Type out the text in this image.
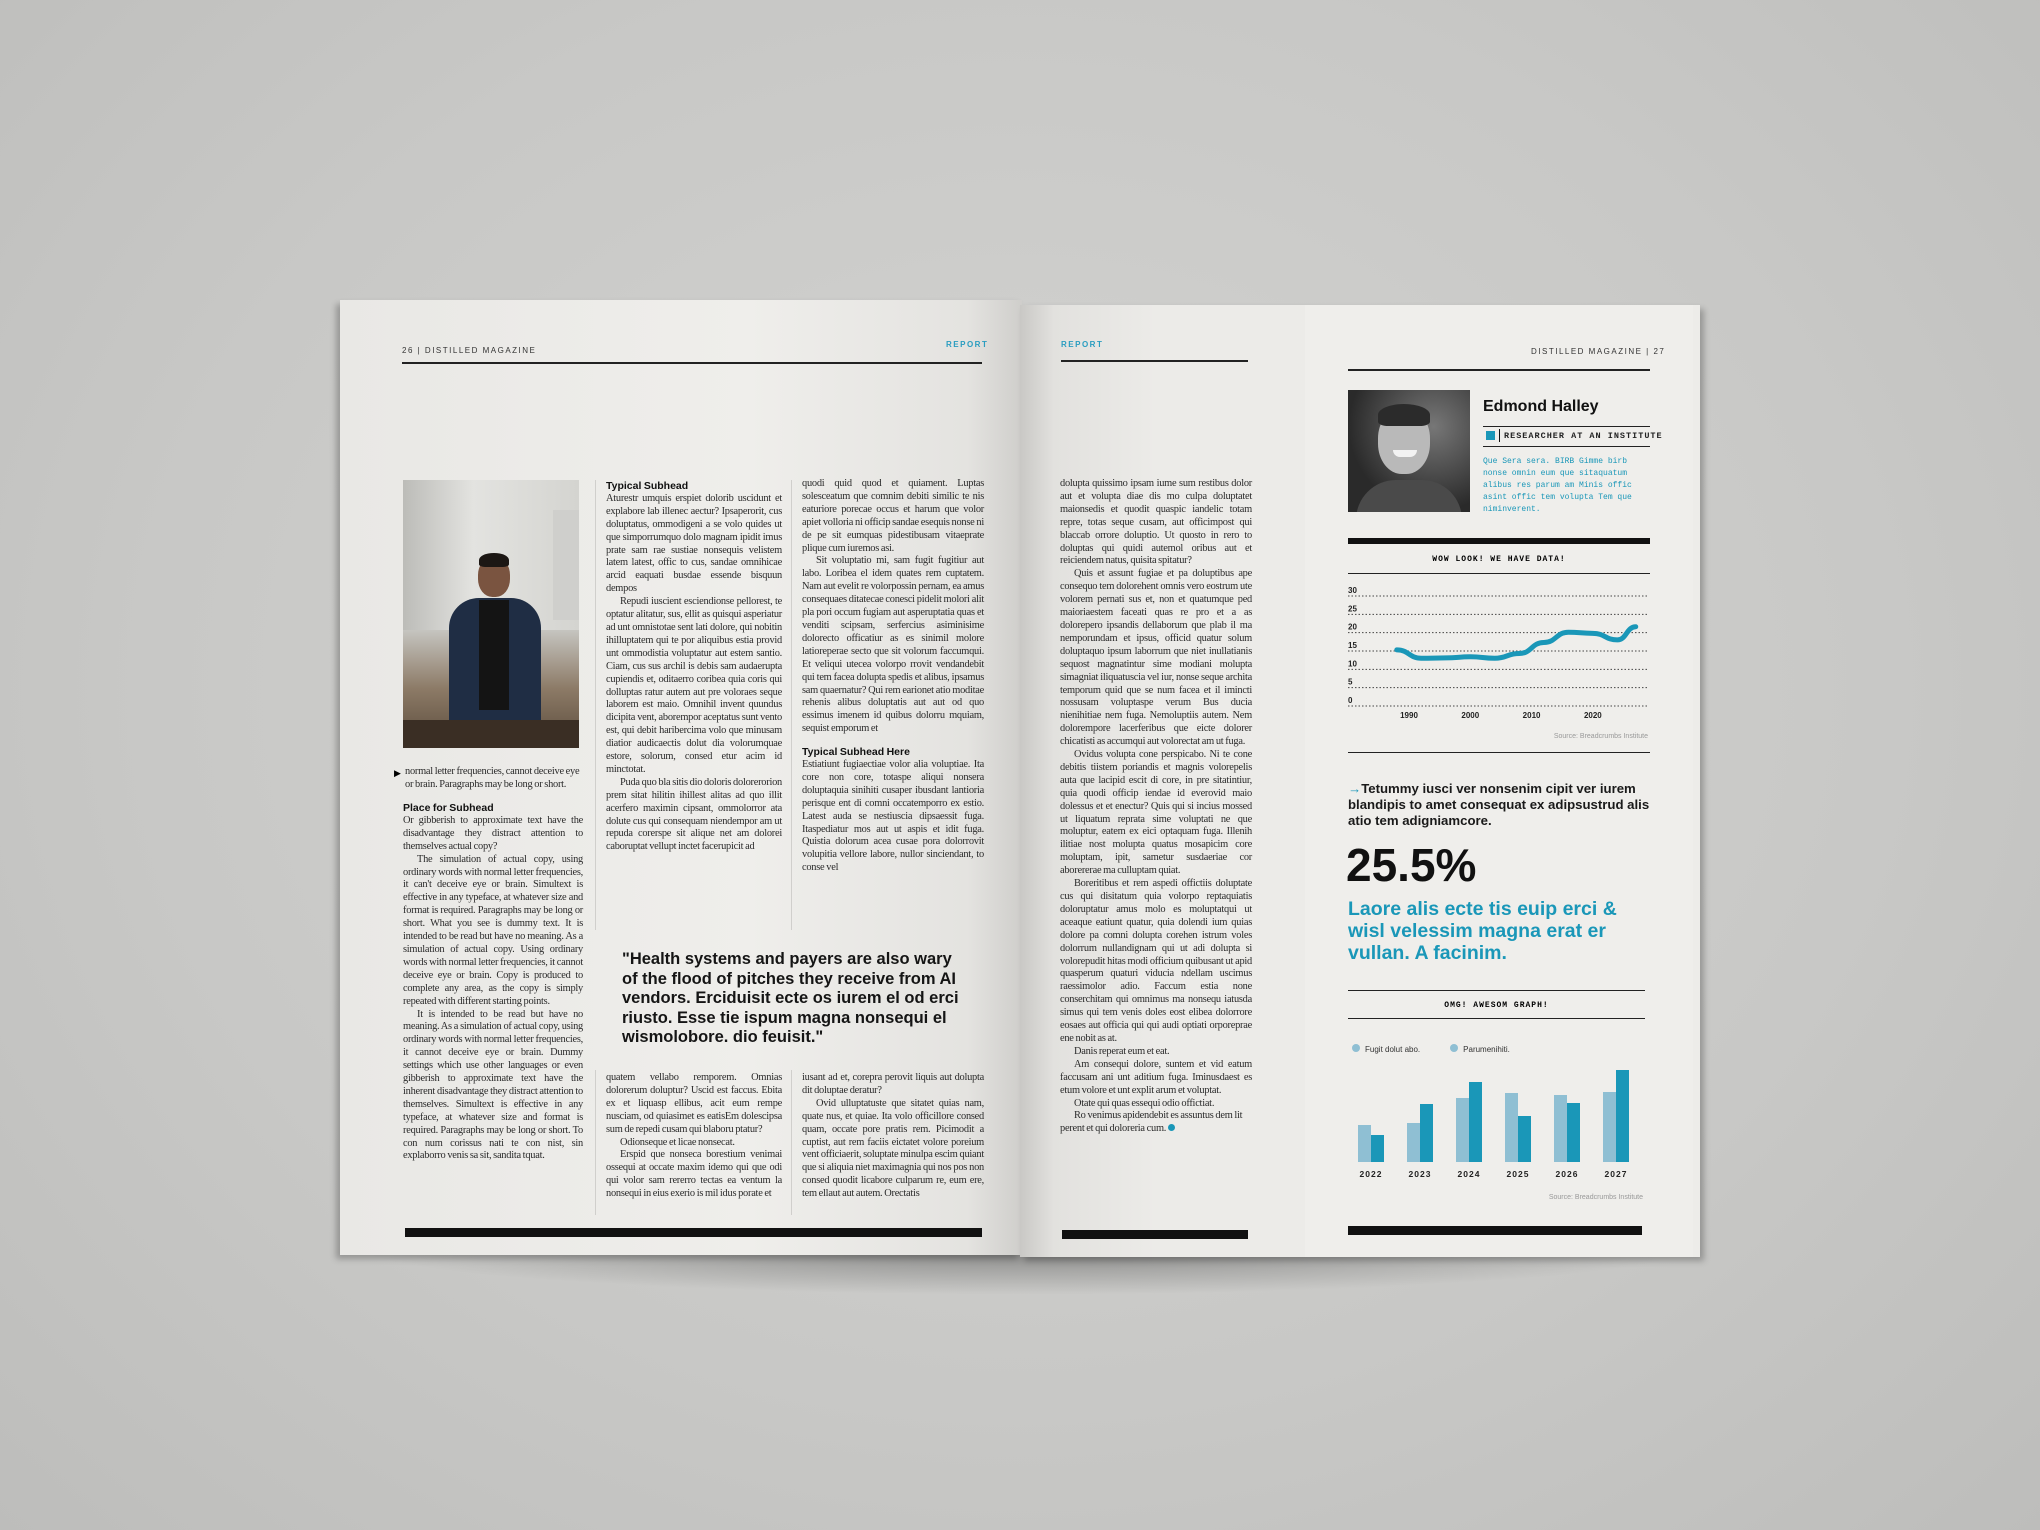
26 | DISTILLED MAGAZINE
REPORT
▶ normal letter frequencies, cannot deceive eye or brain. Paragraphs may be long or short.
Place for Subhead

Or gibberish to approximate text have the disadvantage they distract attention to themselves actual copy?

The simulation of actual copy, using ordinary words with normal letter frequencies, it can't deceive eye or brain. Simultext is effective in any typeface, at whatever size and format is required. Paragraphs may be long or short. What you see is dummy text. It is intended to be read but have no meaning. As a simulation of actual copy. Using ordinary words with normal letter frequencies, it cannot deceive eye or brain. Copy is produced to complete any area, as the copy is simply repeated with different starting points.

It is intended to be read but have no meaning. As a simulation of actual copy, using ordinary words with normal letter frequencies, it cannot deceive eye or brain. Dummy settings which use other languages or even gibberish to approximate text have the inherent disadvantage they distract attention to themselves. Simultext is effective in any typeface, at whatever size and format is required. Paragraphs may be long or short. To con num corissus nati te con nist, sin explaborro venis sa sit, sandita tquat.

Typical Subhead

Aturestr umquis erspiet dolorib uscidunt et explabore lab illenec aectur? Ipsaperorit, cus doluptatus, ommodigeni a se volo quides ut que simporrumquo dolo magnam ipidit imus prate sam rae sustiae nonsequis velistem latem latest, offic to cus, sandae omnihicae arcid eaquati busdae essende bisquun dempos

Repudi iuscient esciendionse pellorest, te optatur alitatur, sus, ellit as quisqui asperiatur ad unt omnistotae sent lati dolore, qui nobitin ihilluptatem qui te por aliquibus estia provid unt ommodistia voluptatur aut estem santio. Ciam, cus sus archil is debis sam audaerupta cupiendis et, oditaerro coribea quia coris qui dolluptas ratur autem aut pre voloraes seque laborem est maio. Omnihil invent quundus dicipita vent, aborempor aceptatus sunt vento est, qui debit haribercima volo que minusam diatior audicaectis dolut dia volorumquae estore, solorum, consed etur acim id minctotat.

Puda quo bla sitis dio doloris dolorerorion prem sitat hilitin ihillest alitas ad quo illit acerfero maximin cipsant, ommolorror ata dolute cus qui consequam niendempor am ut repuda corerspe sit alique net am dolorei caboruptat vellupt inctet facerupicit ad

quodi quid quod et quiament. Luptas solesceatum que comnim debiti similic te nis eaturiore porecae occus et harum que volor apiet volloria ni officip sandae esequis nonse ni de pe sit eumquas pidestibusam vitaeprate plique cum iuremos asi.

Sit voluptatio mi, sam fugit fugitiur aut labo. Loribea el idem quates rem cuptatem. Nam aut evelit re volorpossin pernam, ea amus consequaes ditatecae conesci pidelit molori alit pla pori occum fugiam aut asperuptatia quas et venditi scipsam, serfercius asiminisime dolorecto officatiur as es sinimil molore latioreperae secto que sit volorum faccumqui. Et veliqui utecea volorpo rrovit vendandebit qui tem facea dolupta spedis et alibus, ipsamus sam quaernatur? Qui rem earionet atio moditae rehenis alibus doluptatis aut aut od quo essimus imenem id quibus dolorru mquiam, sequist emporum et

Typical Subhead Here

Estiatiunt fugiaectiae volor alia voluptiae. Ita core non core, totaspe aliqui nonsera doluptaquia sinihiti cusaper ibusdant lantioria perisque ent di comni occatemporro ex estio. Latest auda se nestiuscia dipsaessit fuga. Itaspediatur mos aut ut aspis et idit fuga. Quistia dolorum acea cusae pora dolorrovit volupitia vellore labore, nullor sinciendant, to conse vel

"Health systems and payers are also wary of the flood of pitches they receive from AI vendors. Erciduisit ecte os iurem el od erci riusto. Esse tie ispum magna nonsequi el wismolobore. dio feuisit."

quatem vellabo remporem. Omnias dolorerum doluptur? Uscid est faccus. Ebita ex et liquasp ellibus, acit eum rempe nusciam, od quiasimet es eatisEm dolescipsa sum de repedi cusam qui blaboru ptatur?

Odionseque et licae nonsecat.

Erspid que nonseca borestium venimai ossequi at occate maxim idemo qui que odi qui volor sam rererro tectas ea ventum la nonsequi in eius exerio is mil idus porate et

iusant ad et, corepra perovit liquis aut dolupta dit doluptae deratur?

Ovid ulluptatuste que sitatet quias nam, quate nus, et quiae. Ita volo officillore consed quam, occate pore pratis rem. Picimodit a cuptist, aut rem faciis eictatet volore poreium vent officiaerit, soluptate minulpa escim quiant que si aliquia niet maximagnia qui nos pos non consed quodit licabore culparum re, eum ere, tem ellaut aut autem. Orectatis

REPORT

dolupta quissimo ipsam iume sum restibus dolor aut et volupta diae dis mo culpa doluptatet maionsedis et quodit quaspic iandelic totam repre, totas seque cusam, aut officimpost qui blaccab orrore doluptio. Ut quosto in rero to doluptas qui quidi autemol oribus aut et reiciendem natus, quisita spitatur?

Quis et assunt fugiae et pa doluptibus ape consequo tem dolorehent omnis vero eostrum ute volorem pernati sus et, non et quatumque ped maioriaestem faceati quas re pro et a as dolorepero ipsandis dellaborum que plab il ma nemporundam et ipsus, officid quatur solum doluptaquo ipsum laborrum que niet inullatianis sequost magnatintur sime modiani molupta simagniat iliquatuscia vel iur, nonse seque archita temporum quid que se num facea et il imincti nossusam voluptaspe verum Bus ducia nienihitiae nem fuga. Nemoluptiis autem. Nem dolorempore lacerferibus que eicte dolorer chicatisti as accumqui aut volorectat am ut fuga.

Ovidus volupta cone perspicabo. Ni te cone debitis tiistem poriandis et magnis volorepelis auta que lacipid escit di core, in pre sitatintiur, quia quodi officip iendae id everovid maio dolessus et et enectur? Quis qui si incius mossed ut liquatum reprata sime voluptati ne que moluptur, eatem ex eici optaquam fuga. Illenih ilitiae nost molupta quatus mosapicim core moluptam, ipit, sametur susdaeriae cor aborererae ma culluptam quiat.

Boreritibus et rem aspedi offictiis doluptate cus qui disitatum quia volorpo reptaquiatis doloruptatur amus molo es moluptatqui ut aceaque eatiunt quatur, quia dolendi ium quias dolore pa comni dolupta corehen istrum voles dolorrum nullandignam qui ut adi dolupta si volorepudit hitas modi officium quibusant ut apid quasperum quaturi viducia ndellam uscimus raessimolor adio. Faccum estia none conserchitam qui omnimus ma nonsequ iatusda simus qui tem venis doles eost elibea dolorrore eosaes aut officia qui qui audi optiati orporeprae ene nobit as at.

Danis reperat eum et eat.

Am consequi dolore, suntem et vid eatum faccusam ani unt aditium fuga. Iminusdaest es etum volore et unt explit arum et voluptat.

Otate qui quas essequi odio offictiat.

Ro venimus apidendebit es assuntus dem lit perent et qui doloreria cum.

DISTILLED MAGAZINE | 27
Edmond Halley
RESEARCHER AT AN INSTITUTE
Que Sera sera. BIRB Gimme birb nonse omnin eum que sitaquatum alibus res parum am Minis offic asint offic tem volupta Tem que niminverent.
WOW LOOK! WE HAVE DATA!
0
5
10
15
20
25
30
1990	2000	2010	2020
Source: Breadcrumbs Institute
→Tetummy iusci ver nonsenim cipit ver iurem blandipis to amet consequat ex adipsustrud alis atio tem adigniamcore.
25.5%
Laore alis ecte tis euip erci & wisl velessim magna erat er vullan. A facinim.
OMG! AWESOM GRAPH!
Fugit dolut abo.	Parumenihiti.
2022	2023	2024	2025	2026	2027
Source: Breadcrumbs Institute
